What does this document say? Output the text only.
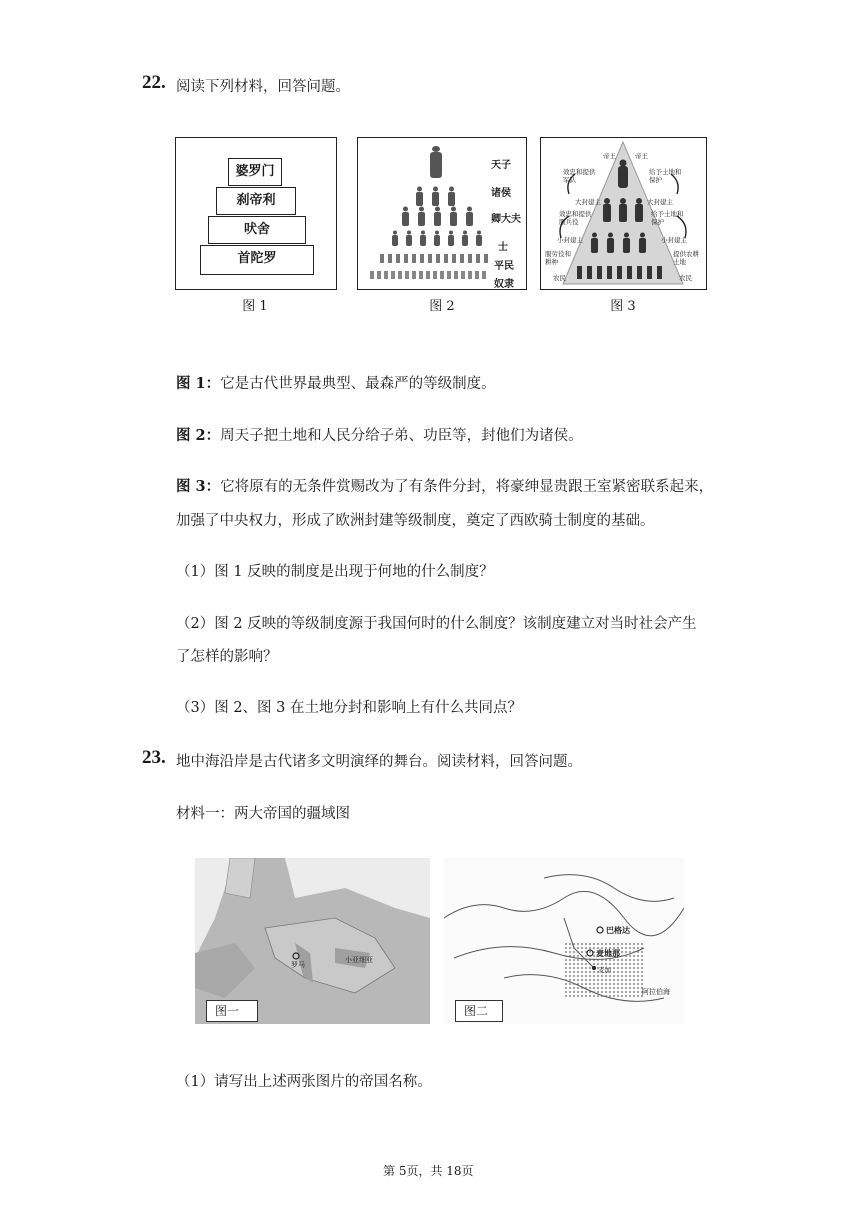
22. 阅读下列材料，回答问题。
婆罗门
刹帝利
吠舍
首陀罗
图 1
天子
诸侯
卿大夫
士
平民
奴隶
图 2
帝王	帝王
效忠和提供军队
给予土地和保护
大封建主	大封建主
效忠和提供服兵役
给予土地和保护
小封建主	小封建主
服劳役和耕种
提供农耕土地
农民	农民
图 3
图 1：它是古代世界最典型、最森严的等级制度。
图 2：周天子把土地和人民分给子弟、功臣等，封他们为诸侯。
图 3：它将原有的无条件赏赐改为了有条件分封，将豪绅显贵跟王室紧密联系起来，
加强了中央权力，形成了欧洲封建等级制度，奠定了西欧骑士制度的基础。
（1）图 1 反映的制度是出现于何地的什么制度？
（2）图 2 反映的等级制度源于我国何时的什么制度？该制度建立对当时社会产生
了怎样的影响？
（3）图 2、图 3 在土地分封和影响上有什么共同点？
23. 地中海沿岸是古代诸多文明演绎的舞台。阅读材料，回答问题。
材料一：两大帝国的疆域图
罗马
小亚细亚
图一
巴格达
麦地那
麦加
阿拉伯海
图二
（1）请写出上述两张图片的帝国名称。
第 5页，共 18页
